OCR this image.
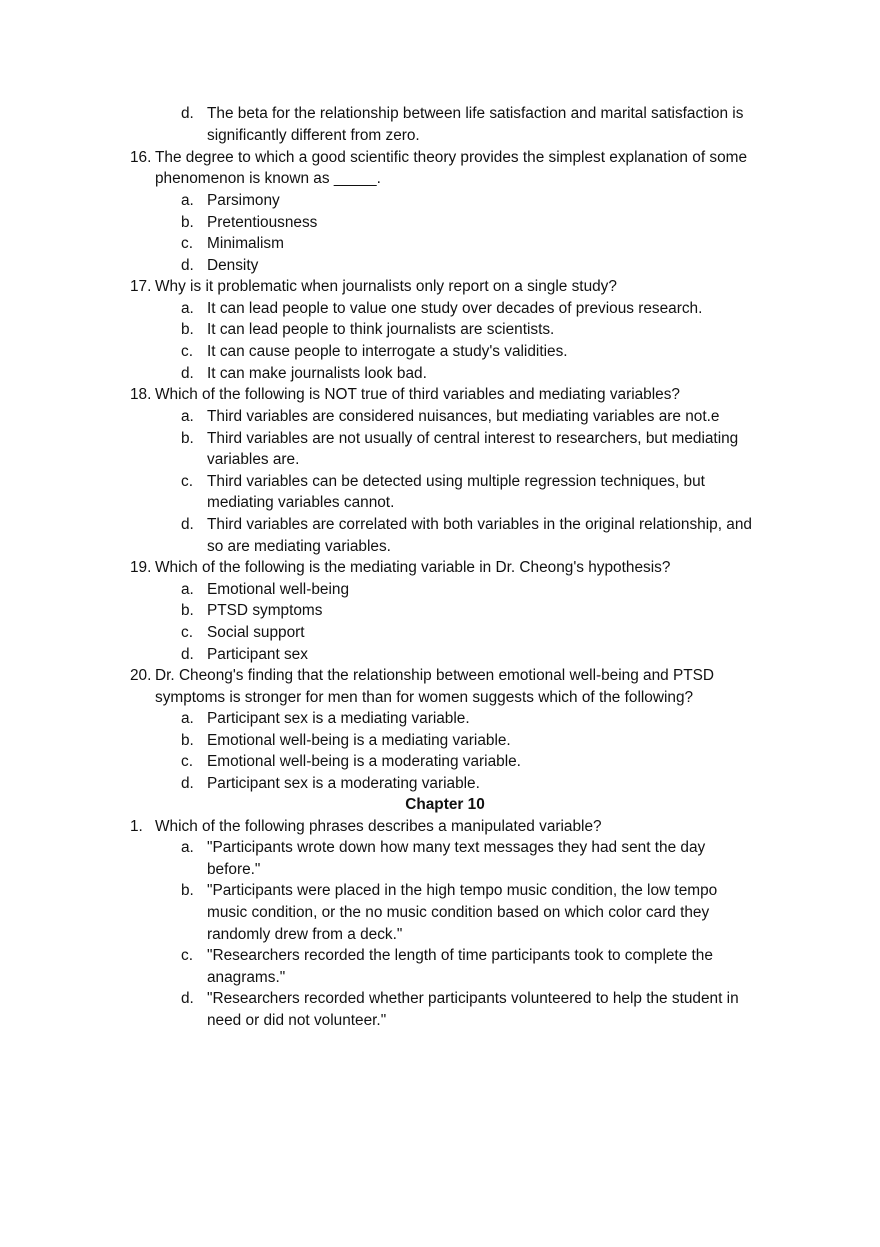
d. The beta for the relationship between life satisfaction and marital satisfaction is
significantly different from zero.
16. The degree to which a good scientific theory provides the simplest explanation of some
phenomenon is known as _____.
a. Parsimony
b. Pretentiousness
c. Minimalism
d. Density
17. Why is it problematic when journalists only report on a single study?
a. It can lead people to value one study over decades of previous research.
b. It can lead people to think journalists are scientists.
c. It can cause people to interrogate a study's validities.
d. It can make journalists look bad.
18. Which of the following is NOT true of third variables and mediating variables?
a. Third variables are considered nuisances, but mediating variables are not.e
b. Third variables are not usually of central interest to researchers, but mediating
variables are.
c. Third variables can be detected using multiple regression techniques, but
mediating variables cannot.
d. Third variables are correlated with both variables in the original relationship, and
so are mediating variables.
19. Which of the following is the mediating variable in Dr. Cheong's hypothesis?
a. Emotional well-being
b. PTSD symptoms
c. Social support
d. Participant sex
20. Dr. Cheong's finding that the relationship between emotional well-being and PTSD
symptoms is stronger for men than for women suggests which of the following?
a. Participant sex is a mediating variable.
b. Emotional well-being is a mediating variable.
c. Emotional well-being is a moderating variable.
d. Participant sex is a moderating variable.
Chapter 10
1. Which of the following phrases describes a manipulated variable?
a. "Participants wrote down how many text messages they had sent the day
before."
b. "Participants were placed in the high tempo music condition, the low tempo
music condition, or the no music condition based on which color card they
randomly drew from a deck."
c. "Researchers recorded the length of time participants took to complete the
anagrams."
d. "Researchers recorded whether participants volunteered to help the student in
need or did not volunteer."
